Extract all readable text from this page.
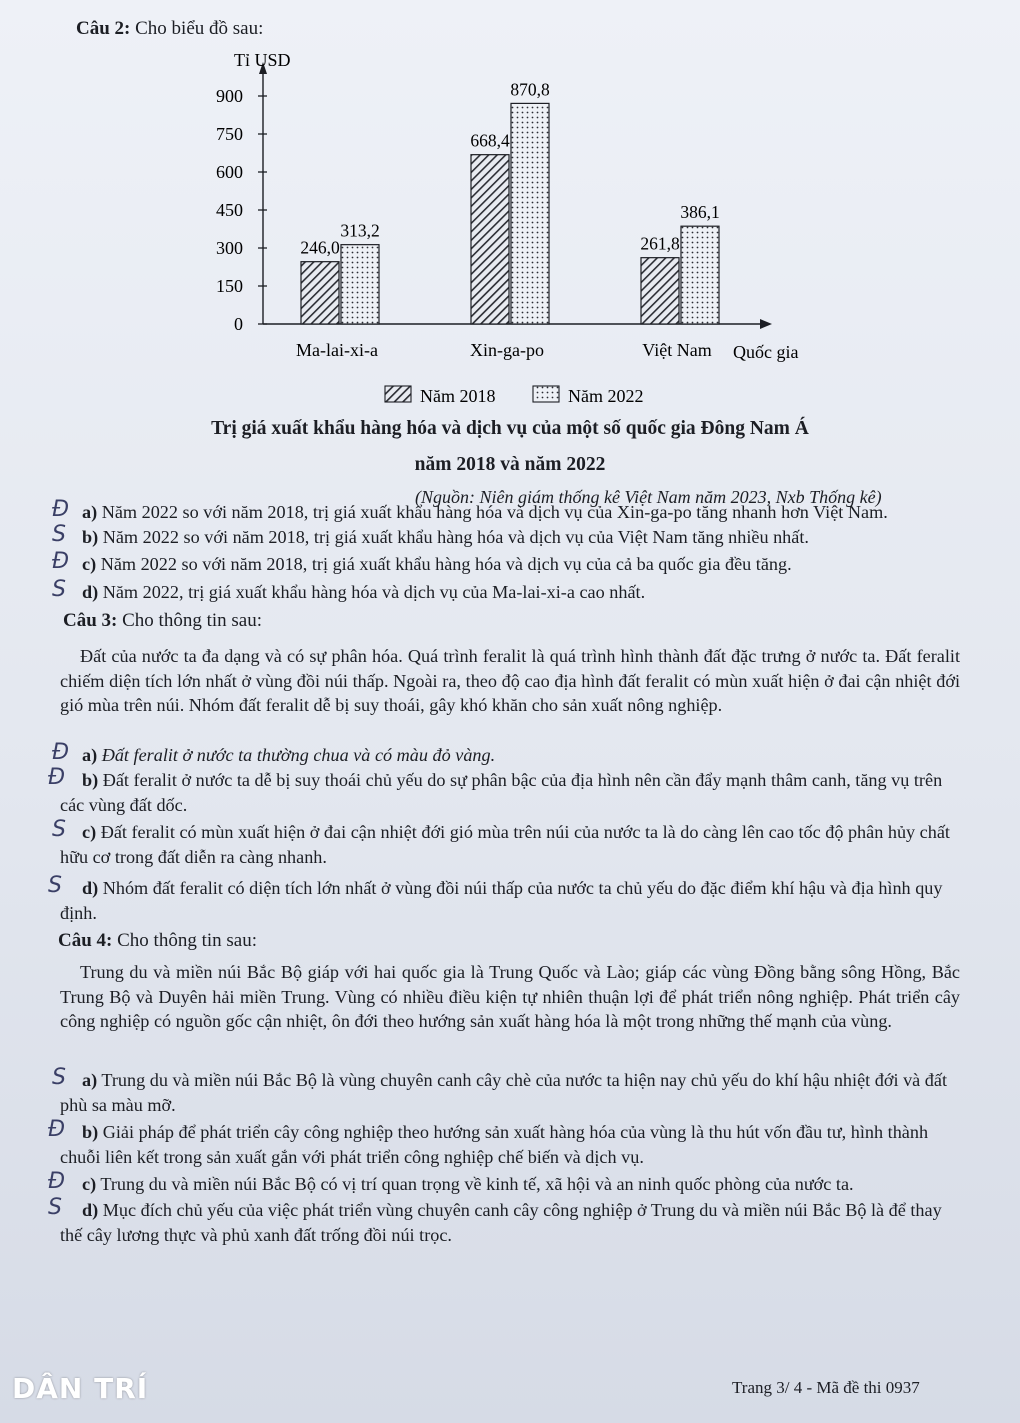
Câu 2: Cho biểu đồ sau:
Tỉ USD
0
150
300
450
600
750
900
Quốc gia
246,0
313,2
Ma-lai-xi-a
668,4
870,8
Xin-ga-po
261,8
386,1
Việt Nam
Năm 2018	Năm 2022
Trị giá xuất khẩu hàng hóa và dịch vụ của một số quốc gia Đông Nam Á
năm 2018 và năm 2022
(Nguồn: Niên giám thống kê Việt Nam năm 2023, Nxb Thống kê)
Đ a) Năm 2022 so với năm 2018, trị giá xuất khẩu hàng hóa và dịch vụ của Xin-ga-po tăng nhanh hơn Việt Nam.
S b) Năm 2022 so với năm 2018, trị giá xuất khẩu hàng hóa và dịch vụ của Việt Nam tăng nhiều nhất.
Đ c) Năm 2022 so với năm 2018, trị giá xuất khẩu hàng hóa và dịch vụ của cả ba quốc gia đều tăng.
S d) Năm 2022, trị giá xuất khẩu hàng hóa và dịch vụ của Ma-lai-xi-a cao nhất.
Câu 3: Cho thông tin sau:
Đất của nước ta đa dạng và có sự phân hóa. Quá trình feralit là quá trình hình thành đất đặc trưng ở nước ta. Đất feralit chiếm diện tích lớn nhất ở vùng đồi núi thấp. Ngoài ra, theo độ cao địa hình đất feralit có mùn xuất hiện ở đai cận nhiệt đới gió mùa trên núi. Nhóm đất feralit dễ bị suy thoái, gây khó khăn cho sản xuất nông nghiệp.
Đ a) Đất feralit ở nước ta thường chua và có màu đỏ vàng.
Đ b) Đất feralit ở nước ta dễ bị suy thoái chủ yếu do sự phân bậc của địa hình nên cần đẩy mạnh thâm canh, tăng vụ trên các vùng đất dốc.
S c) Đất feralit có mùn xuất hiện ở đai cận nhiệt đới gió mùa trên núi của nước ta là do càng lên cao tốc độ phân hủy chất hữu cơ trong đất diễn ra càng nhanh.
S	d) Nhóm đất feralit có diện tích lớn nhất ở vùng đồi núi thấp của nước ta chủ yếu do đặc điểm khí hậu và địa hình quy định.
Câu 4: Cho thông tin sau:
Trung du và miền núi Bắc Bộ giáp với hai quốc gia là Trung Quốc và Lào; giáp các vùng Đồng bằng sông Hồng, Bắc Trung Bộ và Duyên hải miền Trung. Vùng có nhiều điều kiện tự nhiên thuận lợi để phát triển nông nghiệp. Phát triển cây công nghiệp có nguồn gốc cận nhiệt, ôn đới theo hướng sản xuất hàng hóa là một trong những thế mạnh của vùng.
S a) Trung du và miền núi Bắc Bộ là vùng chuyên canh cây chè của nước ta hiện nay chủ yếu do khí hậu nhiệt đới và đất phù sa màu mỡ.
Đ b) Giải pháp để phát triển cây công nghiệp theo hướng sản xuất hàng hóa của vùng là thu hút vốn đầu tư, hình thành chuỗi liên kết trong sản xuất gắn với phát triển công nghiệp chế biến và dịch vụ.
Đ c) Trung du và miền núi Bắc Bộ có vị trí quan trọng về kinh tế, xã hội và an ninh quốc phòng của nước ta.
S	d) Mục đích chủ yếu của việc phát triển vùng chuyên canh cây công nghiệp ở Trung du và miền núi Bắc Bộ là để thay thế cây lương thực và phủ xanh đất trống đồi núi trọc.
Trang 3/ 4 - Mã đề thi 0937
DÂN TRÍ
